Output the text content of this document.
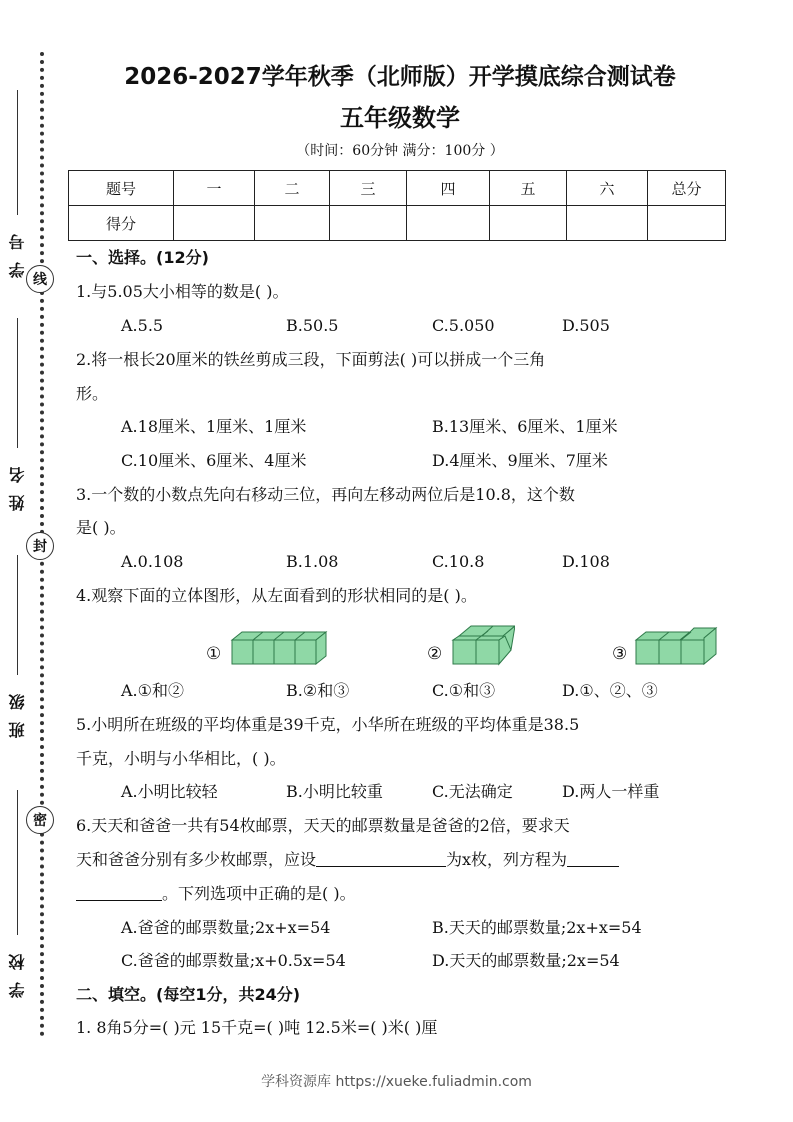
学号
线
姓名
封
班级
密
学校
2026-2027学年秋季（北师版）开学摸底综合测试卷
五年级数学
（时间：60分钟 满分：100分 ）
题号	一	二	三	四	五	六	总分
得分							
一、选择。(12分)
1.与5.05大小相等的数是( )。
A.5.5	B.50.5	C.5.050	D.505
2.将一根长20厘米的铁丝剪成三段，下面剪法( )可以拼成一个三角
形。
A.18厘米、1厘米、1厘米	B.13厘米、6厘米、1厘米
C.10厘米、6厘米、4厘米	D.4厘米、9厘米、7厘米
3.一个数的小数点先向右移动三位，再向左移动两位后是10.8，这个数
是( )。
A.0.108	B.1.08	C.10.8	D.108
4.观察下面的立体图形，从左面看到的形状相同的是( )。
①	②	③
A.①和②	B.②和③	C.①和③	D.①、②、③
5.小明所在班级的平均体重是39千克，小华所在班级的平均体重是38.5
千克，小明与小华相比，( )。
A.小明比较轻	B.小明比较重	C.无法确定	D.两人一样重
6.天天和爸爸一共有54枚邮票，天天的邮票数量是爸爸的2倍，要求天
天和爸爸分别有多少枚邮票，应设	为x枚，列方程为
。下列选项中正确的是( )。
A.爸爸的邮票数量;2x+x=54	B.天天的邮票数量;2x+x=54
C.爸爸的邮票数量;x+0.5x=54	D.天天的邮票数量;2x=54
二、填空。(每空1分，共24分)
1. 8角5分=( )元 15千克=( )吨 12.5米=( )米( )厘
学科资源库 https://xueke.fuliadmin.com
